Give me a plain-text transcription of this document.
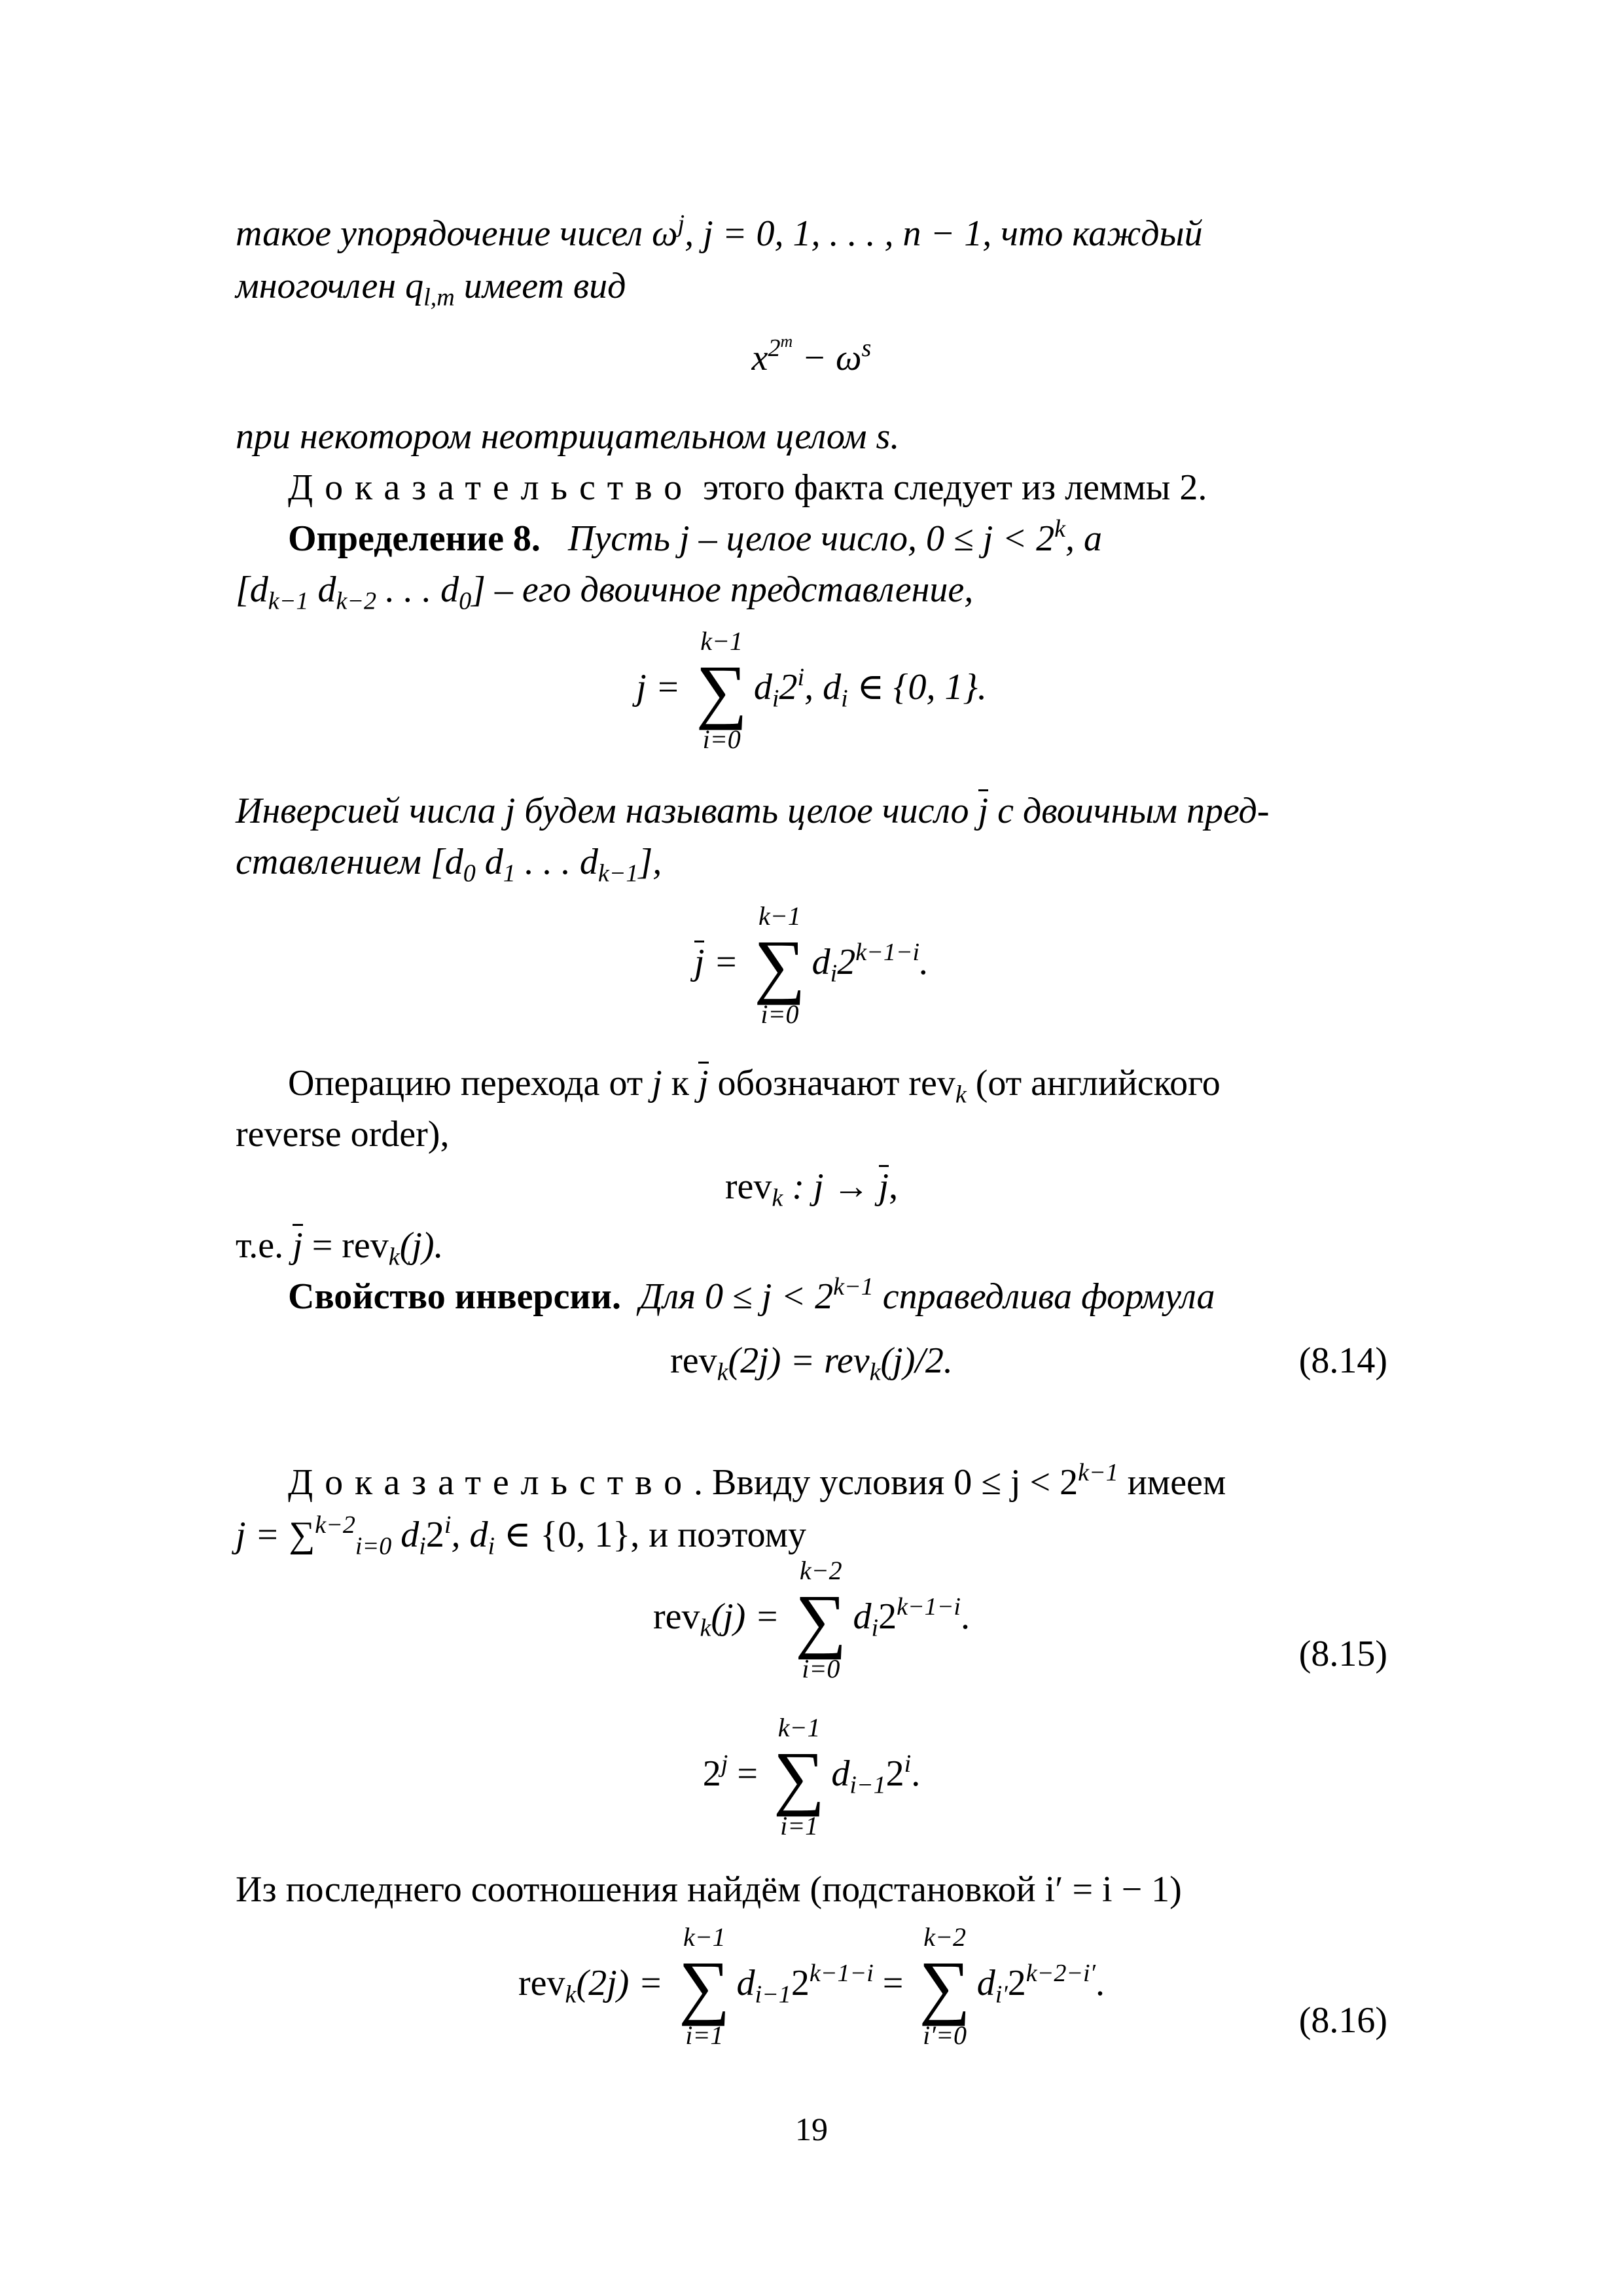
такое упорядочение чисел $\omega^j$, j = 0, 1, . . . , n − 1, что каждый
многочлен $q_{l,m}$ имеет вид
$x^{2^m} - \omega^s$
при некотором неотрицательном целом s.
Доказательство этого факта следует из леммы 2.
Определение 8. Пусть j – целое число, $0 \le j < 2^k$, а
[$d_{k-1}$ $d_{k-2}$ . . . $d_0$] – его двоичное представление,
j =
k−1
∑
i=0
$d_i2^i$, $d_i$ ∈ {0, 1}.
Инверсией числа j будем называть целое число j с двоичным пред-
ставлением [$d_0$ $d_1$ . . . $d_{k-1}$],
j =
k−1
∑
i=0
$d_i2^{k-1-i}$.
Операцию перехода от j к j обозначают rev$_k$ (от английского
reverse order),
rev$_k$ : j → j,
т.е. j = rev$_k$(j).
Свойство инверсии. Для $0 \le j < 2^{k-1}$ справедлива формула
rev$_k$(2j) = rev$_k$(j)/2.	(8.14)
Доказательство. Ввиду условия $0 \le j < 2^{k-1}$ имеем
j = ∑$^{k-2}_{i=0}$ $d_i2^i$, $d_i$ ∈ {0, 1}, и поэтому
rev$_k$(j) =
k−2
∑
i=0
$d_i2^{k-1-i}$.
(8.15)
$2^j$ =
k−1
∑
i=1
$d_{i-1}2^i$.
Из последнего соотношения найдём (подстановкой i′ = i − 1)
rev$_k$(2j) =
k−1
∑
i=1
$d_{i-1}2^{k-1-i}$ =
k−2
∑
i′=0
$d_{i'}2^{k-2-i'}$.
(8.16)
19
